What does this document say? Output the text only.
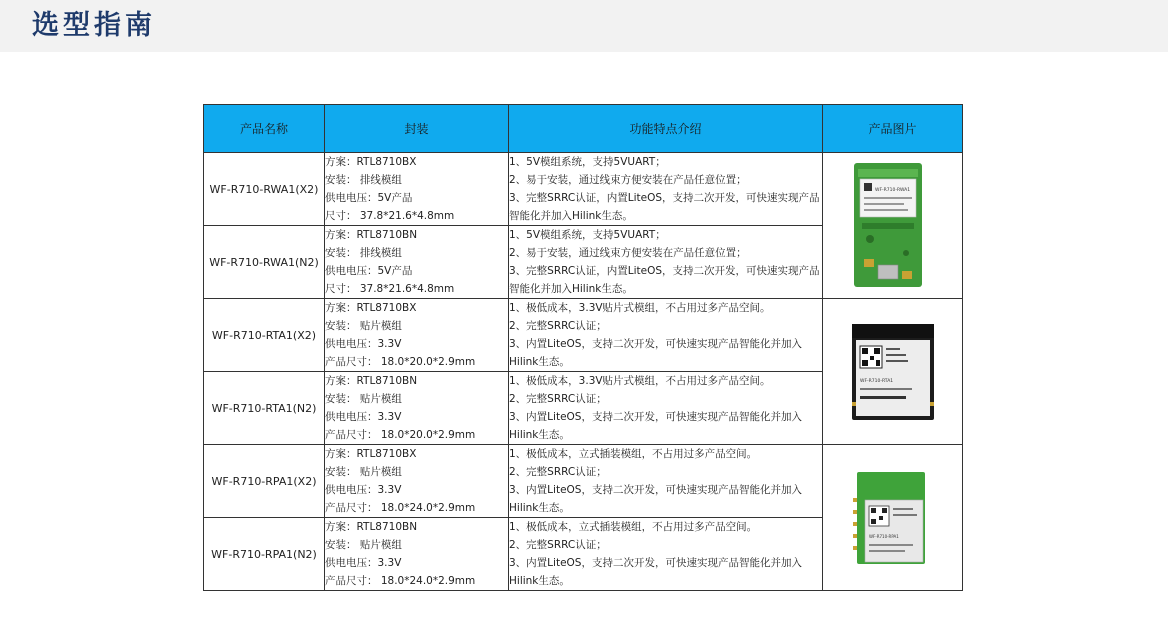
选型指南
产品名称	封装	功能特点介绍	产品图片
WF-R710-RWA1(X2)	方案：RTL8710BX
安装： 排线模组
供电电压：5V产品
尺寸： 37.8*21.6*4.8mm	1、5V模组系统，支持5VUART；
2、易于安装，通过线束方便安装在产品任意位置；
3、完整SRRC认证，内置LiteOS，支持二次开发，可快速实现产品智能化并加入Hilink生态。	WF-R710-RWA1

WF-R710-RWA1(N2)	方案：RTL8710BN
安装： 排线模组
供电电压：5V产品
尺寸： 37.8*21.6*4.8mm	1、5V模组系统，支持5VUART；
2、易于安装，通过线束方便安装在产品任意位置；
3、完整SRRC认证，内置LiteOS，支持二次开发，可快速实现产品智能化并加入Hilink生态。	

WF-R710-RTA1(X2)	方案：RTL8710BX
安装： 贴片模组
供电电压：3.3V
产品尺寸： 18.0*20.0*2.9mm	1、极低成本，3.3V贴片式模组，不占用过多产品空间。
2、完整SRRC认证；
3、内置LiteOS，支持二次开发，可快速实现产品智能化并加入Hilink生态。	WF-R710-RTA1

WF-R710-RTA1(N2)	方案：RTL8710BN
安装： 贴片模组
供电电压：3.3V
产品尺寸： 18.0*20.0*2.9mm	1、极低成本，3.3V贴片式模组，不占用过多产品空间。
2、完整SRRC认证；
3、内置LiteOS，支持二次开发，可快速实现产品智能化并加入Hilink生态。	

WF-R710-RPA1(X2)	方案：RTL8710BX
安装： 贴片模组
供电电压：3.3V
产品尺寸： 18.0*24.0*2.9mm	1、极低成本，立式插装模组，不占用过多产品空间。
2、完整SRRC认证；
3、内置LiteOS，支持二次开发，可快速实现产品智能化并加入Hilink生态。	WF-R710-RPA1

WF-R710-RPA1(N2)	方案：RTL8710BN
安装： 贴片模组
供电电压：3.3V
产品尺寸： 18.0*24.0*2.9mm	1、极低成本，立式插装模组，不占用过多产品空间。
2、完整SRRC认证；
3、内置LiteOS，支持二次开发，可快速实现产品智能化并加入Hilink生态。	
